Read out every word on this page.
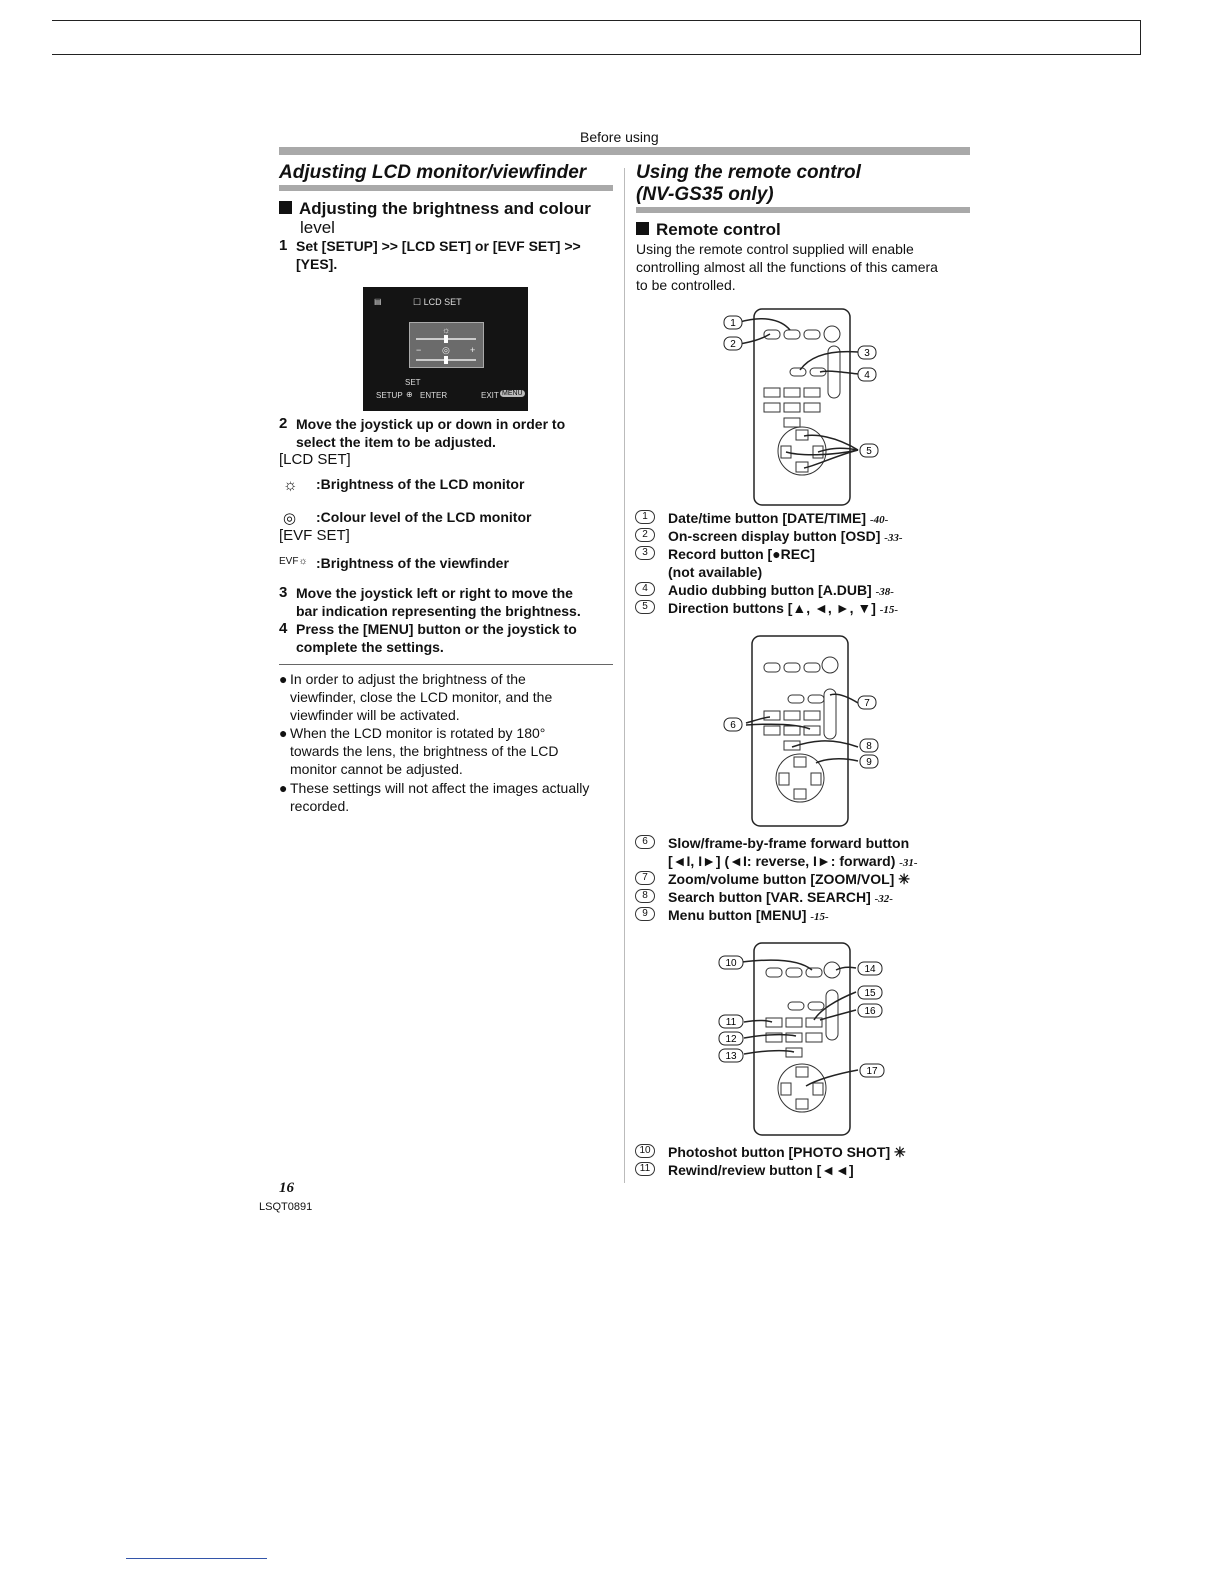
Before using
Adjusting LCD monitor/viewfinder
Adjusting the brightness and colour
level
1 Set [SETUP] >> [LCD SET] or [EVF SET] >>
[YES].
▤	☐ LCD SET
☼
− ◎ +
SET
SETUP ⊕ ENTER	EXIT MENU
2 Move the joystick up or down in order to
select the item to be adjusted.
[LCD SET]
☼ :Brightness of the LCD monitor
◎ :Colour level of the LCD monitor
[EVF SET]
EVF☼ :Brightness of the viewfinder
3 Move the joystick left or right to move the
bar indication representing the brightness.
4 Press the [MENU] button or the joystick to
complete the settings.
● In order to adjust the brightness of the
viewfinder, close the LCD monitor, and the
viewfinder will be activated.
● When the LCD monitor is rotated by 180°
towards the lens, the brightness of the LCD
monitor cannot be adjusted.
● These settings will not affect the images actually
recorded.
Using the remote control
(NV-GS35 only)
Remote control
Using the remote control supplied will enable
controlling almost all the functions of this camera
to be controlled.
1
2
3
4
5
1	Date/time button [DATE/TIME] -40-
2	On-screen display button [OSD] -33-
3	Record button [●REC]
(not available)
4	Audio dubbing button [A.DUB] -38-
5	Direction buttons [▲, ◄, ►, ▼] -15-
6
7
8
9
6	Slow/frame-by-frame forward button
[◄I, I►] (◄I: reverse, I►: forward) -31-
7	Zoom/volume button [ZOOM/VOL] ✳
8	Search button [VAR. SEARCH] -32-
9	Menu button [MENU] -15-
10
11
12
13
14
15
16
17
10	Photoshot button [PHOTO SHOT] ✳
11	Rewind/review button [◄◄]
16
LSQT0891
